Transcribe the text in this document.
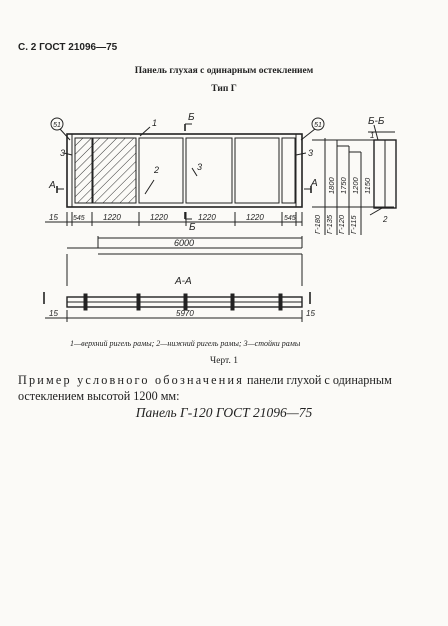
С. 2 ГОСТ 21096—75
Панель глухая с одинарным остеклением
Тип Г
51	51
1
3	3
3
2
Б
Б
А	А
Б-Б
1
2
А-А
15 545 1220	1220	1220	1220	545
6000
15	5970	15
Г-180 Г-135 Г-120 Г-115
1800 1750 1200 1150
1—верхний ригель рамы; 2—нижний ригель рамы; 3—стойки рамы
Черт. 1
Пример условного обозначения панели глухой с одинарным остеклением высотой 1200 мм:
Панель Г-120 ГОСТ 21096—75
